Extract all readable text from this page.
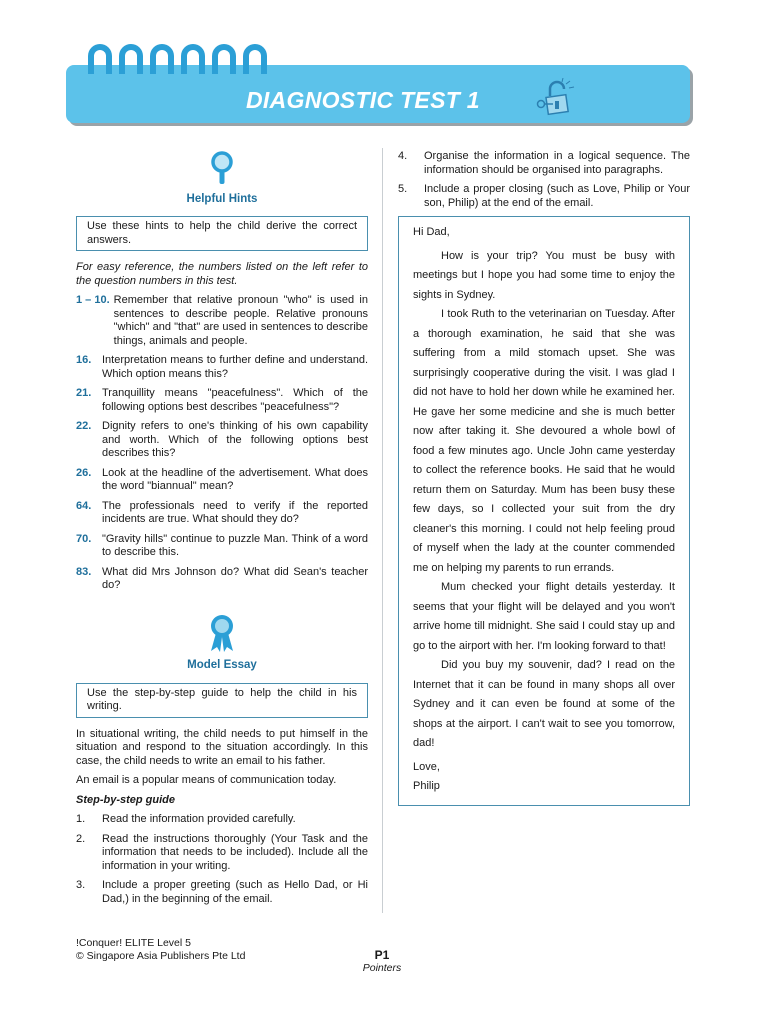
DIAGNOSTIC TEST 1
Helpful Hints
Use these hints to help the child derive the correct answers.

For easy reference, the numbers listed on the left refer to the question numbers in this test.

1 – 10. Remember that relative pronoun "who" is used in sentences to describe people. Relative pronouns "which" and "that" are used in sentences to describe things, animals and people.
16. Interpretation means to further define and understand. Which option means this?
21. Tranquillity means "peacefulness". Which of the following options best describes "peacefulness"?
22. Dignity refers to one's thinking of his own capability and worth. Which of the following options best describes this?
26. Look at the headline of the advertisement. What does the word "biannual" mean?
64. The professionals need to verify if the reported incidents are true. What should they do?
70. "Gravity hills" continue to puzzle Man. Think of a word to describe this.
83. What did Mrs Johnson do? What did Sean's teacher do?
Model Essay
Use the step-by-step guide to help the child in his writing.

In situational writing, the child needs to put himself in the situation and respond to the situation accordingly. In this case, the child needs to write an email to his father.

An email is a popular means of communication today.

Step-by-step guide

1.	Read the information provided carefully.
2.	Read the instructions thoroughly (Your Task and the information that needs to be included). Include all the information in your writing.
3.	Include a proper greeting (such as Hello Dad, or Hi Dad,) in the beginning of the email.
4.	Organise the information in a logical sequence. The information should be organised into paragraphs.
5.	Include a proper closing (such as Love, Philip or Your son, Philip) at the end of the email.

Hi Dad,

How is your trip? You must be busy with meetings but I hope you had some time to enjoy the sights in Sydney.

I took Ruth to the veterinarian on Tuesday. After a thorough examination, he said that she was suffering from a mild stomach upset. She was surprisingly cooperative during the visit. I was glad I did not have to hold her down while he examined her. He gave her some medicine and she is much better now after taking it. She devoured a whole bowl of food a few minutes ago. Uncle John came yesterday to collect the reference books. He said that he would return them on Saturday. Mum has been busy these few days, so I collected your suit from the dry cleaner's this morning. I could not help feeling proud of myself when the lady at the counter commended me on helping my parents to run errands.

Mum checked your flight details yesterday. It seems that your flight will be delayed and you won't arrive home till midnight. She said I could stay up and go to the airport with her. I'm looking forward to that!

Did you buy my souvenir, dad? I read on the Internet that it can be found in many shops all over Sydney and it can even be found at some of the shops at the airport. I can't wait to see you tomorrow, dad!

Love,

Philip

!Conquer! ELITE Level 5
© Singapore Asia Publishers Pte Ltd	P1
Pointers
